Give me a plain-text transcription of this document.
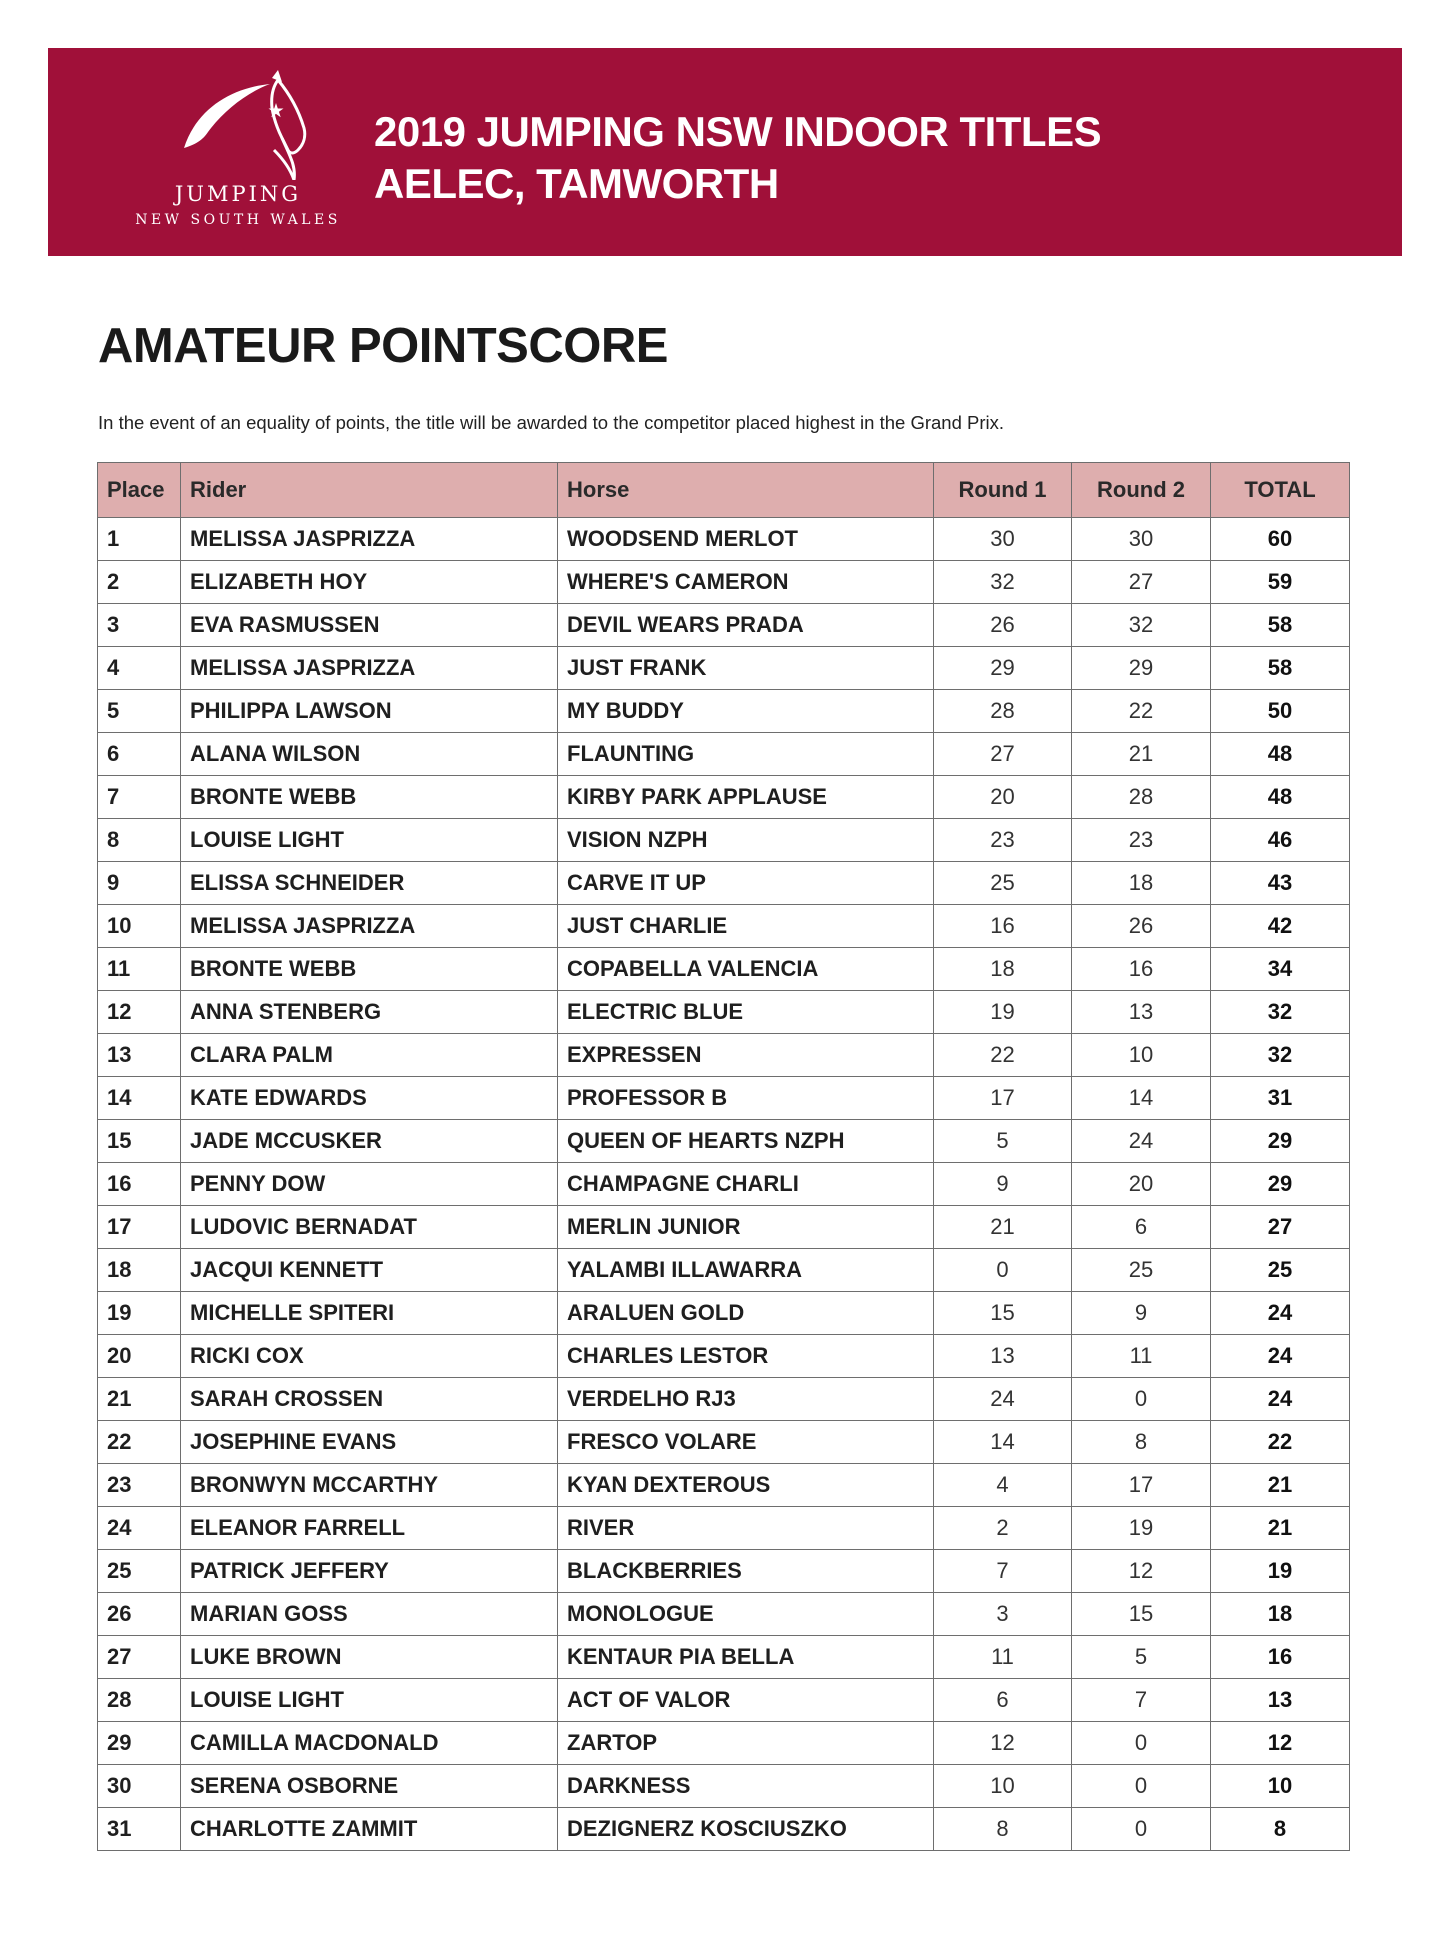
JUMPING
NEW SOUTH WALES
2019 JUMPING NSW INDOOR TITLES
AELEC, TAMWORTH
AMATEUR POINTSCORE
In the event of an equality of points, the title will be awarded to the competitor placed highest in the Grand Prix.
Place	Rider	Horse	Round 1	Round 2	TOTAL
1	MELISSA JASPRIZZA	WOODSEND MERLOT	30	30	60
2	ELIZABETH HOY	WHERE'S CAMERON	32	27	59
3	EVA RASMUSSEN	DEVIL WEARS PRADA	26	32	58
4	MELISSA JASPRIZZA	JUST FRANK	29	29	58
5	PHILIPPA LAWSON	MY BUDDY	28	22	50
6	ALANA WILSON	FLAUNTING	27	21	48
7	BRONTE WEBB	KIRBY PARK APPLAUSE	20	28	48
8	LOUISE LIGHT	VISION NZPH	23	23	46
9	ELISSA SCHNEIDER	CARVE IT UP	25	18	43
10	MELISSA JASPRIZZA	JUST CHARLIE	16	26	42
11	BRONTE WEBB	COPABELLA VALENCIA	18	16	34
12	ANNA STENBERG	ELECTRIC BLUE	19	13	32
13	CLARA PALM	EXPRESSEN	22	10	32
14	KATE EDWARDS	PROFESSOR B	17	14	31
15	JADE MCCUSKER	QUEEN OF HEARTS NZPH	5	24	29
16	PENNY DOW	CHAMPAGNE CHARLI	9	20	29
17	LUDOVIC BERNADAT	MERLIN JUNIOR	21	6	27
18	JACQUI KENNETT	YALAMBI ILLAWARRA	0	25	25
19	MICHELLE SPITERI	ARALUEN GOLD	15	9	24
20	RICKI COX	CHARLES LESTOR	13	11	24
21	SARAH CROSSEN	VERDELHO RJ3	24	0	24
22	JOSEPHINE EVANS	FRESCO VOLARE	14	8	22
23	BRONWYN MCCARTHY	KYAN DEXTEROUS	4	17	21
24	ELEANOR FARRELL	RIVER	2	19	21
25	PATRICK JEFFERY	BLACKBERRIES	7	12	19
26	MARIAN GOSS	MONOLOGUE	3	15	18
27	LUKE BROWN	KENTAUR PIA BELLA	11	5	16
28	LOUISE LIGHT	ACT OF VALOR	6	7	13
29	CAMILLA MACDONALD	ZARTOP	12	0	12
30	SERENA OSBORNE	DARKNESS	10	0	10
31	CHARLOTTE ZAMMIT	DEZIGNERZ KOSCIUSZKO	8	0	8
